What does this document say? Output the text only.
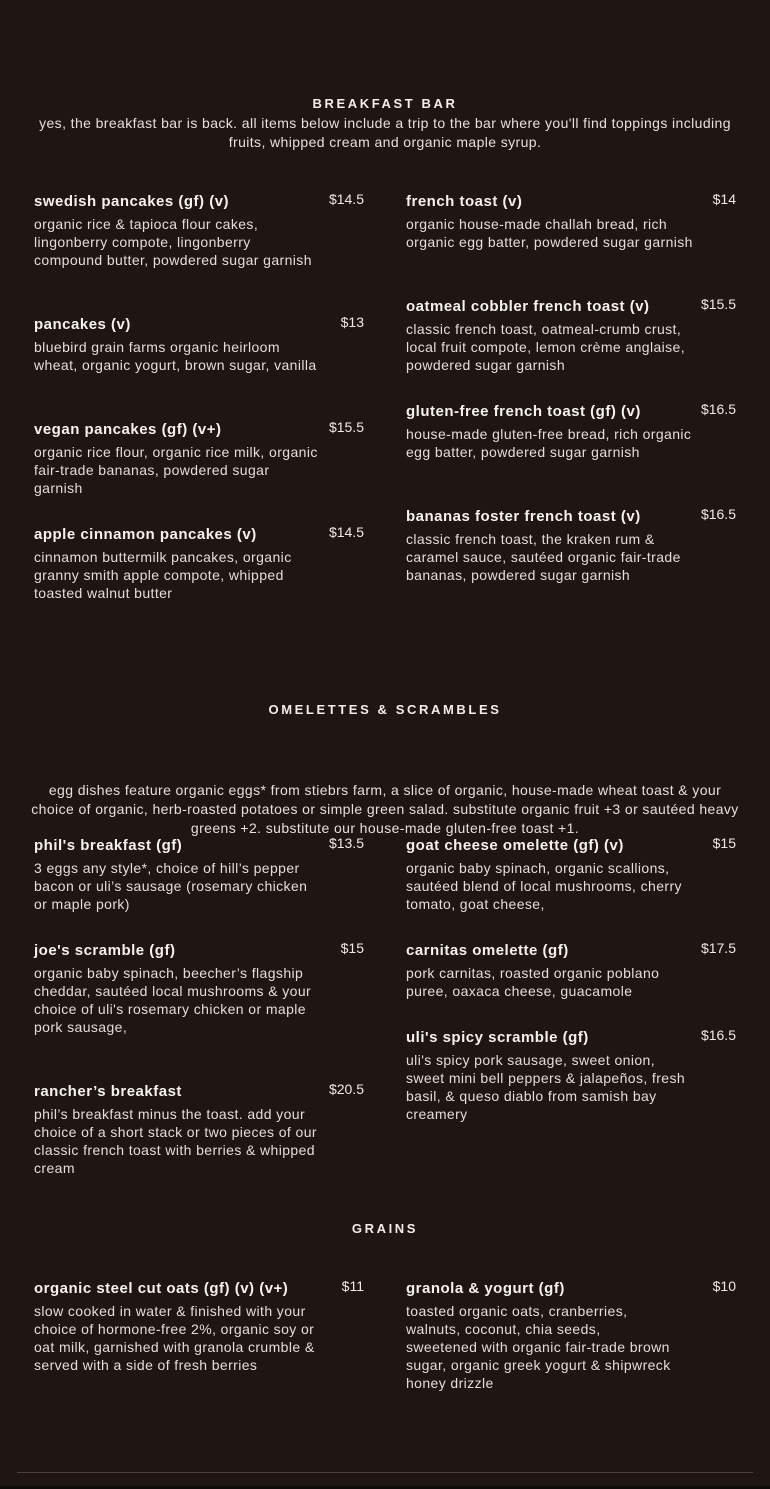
BREAKFAST BAR
yes, the breakfast bar is back. all items below include a trip to the bar where you'll find toppings including fruits, whipped cream and organic maple syrup.
swedish pancakes (gf) (v)	$14.5
organic rice & tapioca flour cakes, lingonberry compote, lingonberry compound butter, powdered sugar garnish
pancakes (v)	$13
bluebird grain farms organic heirloom wheat, organic yogurt, brown sugar, vanilla
vegan pancakes (gf) (v+)	$15.5
organic rice flour, organic rice milk, organic fair-trade bananas, powdered sugar garnish
apple cinnamon pancakes (v)	$14.5
cinnamon buttermilk pancakes, organic granny smith apple compote, whipped toasted walnut butter
french toast (v)	$14
organic house-made challah bread, rich organic egg batter, powdered sugar garnish
oatmeal cobbler french toast (v)	$15.5
classic french toast, oatmeal-crumb crust, local fruit compote, lemon crème anglaise, powdered sugar garnish
gluten-free french toast (gf) (v)	$16.5
house-made gluten-free bread, rich organic egg batter, powdered sugar garnish
bananas foster french toast (v)	$16.5
classic french toast, the kraken rum & caramel sauce, sautéed organic fair-trade bananas, powdered sugar garnish
OMELETTES & SCRAMBLES
egg dishes feature organic eggs* from stiebrs farm, a slice of organic, house-made wheat toast & your choice of organic, herb-roasted potatoes or simple green salad. substitute organic fruit +3 or sautéed heavy greens +2. substitute our house-made gluten-free toast +1.
phil's breakfast (gf)	$13.5
3 eggs any style*, choice of hill’s pepper bacon or uli’s sausage (rosemary chicken or maple pork)
joe's scramble (gf)	$15
organic baby spinach, beecher’s flagship cheddar, sautéed local mushrooms & your choice of uli's rosemary chicken or maple pork sausage,
rancher’s breakfast	$20.5
phil’s breakfast minus the toast. add your choice of a short stack or two pieces of our classic french toast with berries & whipped cream
goat cheese omelette (gf) (v)	$15
organic baby spinach, organic scallions, sautéed blend of local mushrooms, cherry tomato, goat cheese,
carnitas omelette (gf)	$17.5
pork carnitas, roasted organic poblano puree, oaxaca cheese, guacamole
uli's spicy scramble (gf)	$16.5
uli's spicy pork sausage, sweet onion, sweet mini bell peppers & jalapeños, fresh basil, & queso diablo from samish bay creamery
GRAINS
organic steel cut oats (gf) (v) (v+)	$11
slow cooked in water & finished with your choice of hormone-free 2%, organic soy or oat milk, garnished with granola crumble & served with a side of fresh berries
granola & yogurt (gf)	$10
toasted organic oats, cranberries, walnuts, coconut, chia seeds, sweetened with organic fair-trade brown sugar, organic greek yogurt & shipwreck honey drizzle
